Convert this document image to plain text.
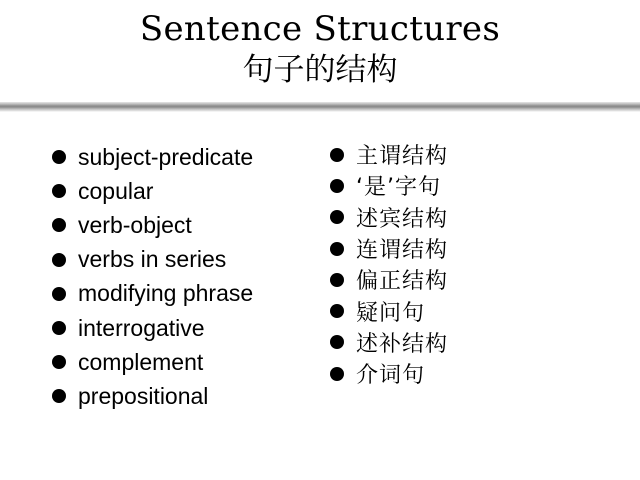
Sentence Structures
句子的结构
subject-predicate
copular
verb-object
verbs in series
modifying phrase
interrogative
complement
prepositional
主谓结构
‘是’字句
述宾结构
连谓结构
偏正结构
疑问句
述补结构
介词句
